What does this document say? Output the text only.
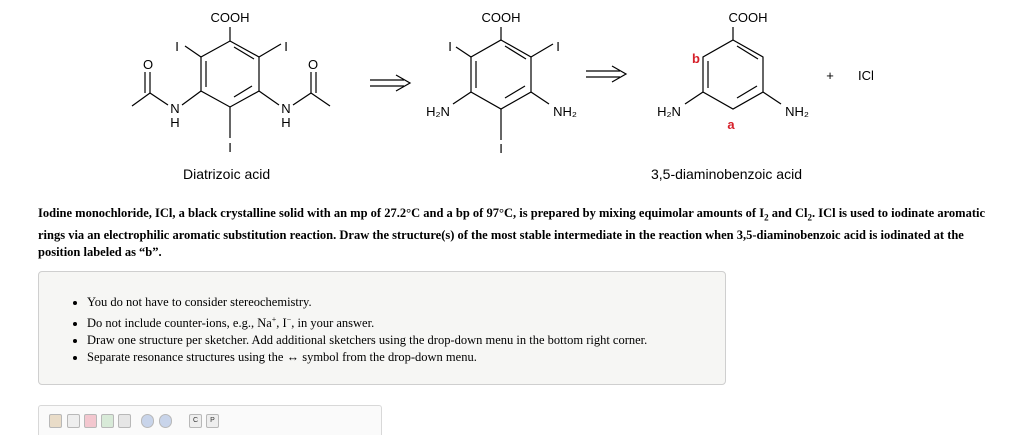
COOH
I	I
I
O	O
N
H
N
H
COOH
I	I
I
H₂N	NH₂
COOH
H₂N	NH₂
b
a
+ ICl
Diatrizoic acid	3,5-diaminobenzoic acid
Iodine monochloride, ICl, a black crystalline solid with an mp of 27.2°C and a bp of 97°C, is prepared by mixing equimolar amounts of $I_2$ and $Cl_2$. ICl is used to iodinate aromatic rings via an electrophilic aromatic substitution reaction. Draw the structure(s) of the most stable intermediate in the reaction when 3,5-diaminobenzoic acid is iodinated at the position labeled as “b”.
• You do not have to consider stereochemistry.
• Do not include counter-ions, e.g., Na+, I−, in your answer.
• Draw one structure per sketcher. Add additional sketchers using the drop-down menu in the bottom right corner.
• Separate resonance structures using the ↔ symbol from the drop-down menu.
C	P
